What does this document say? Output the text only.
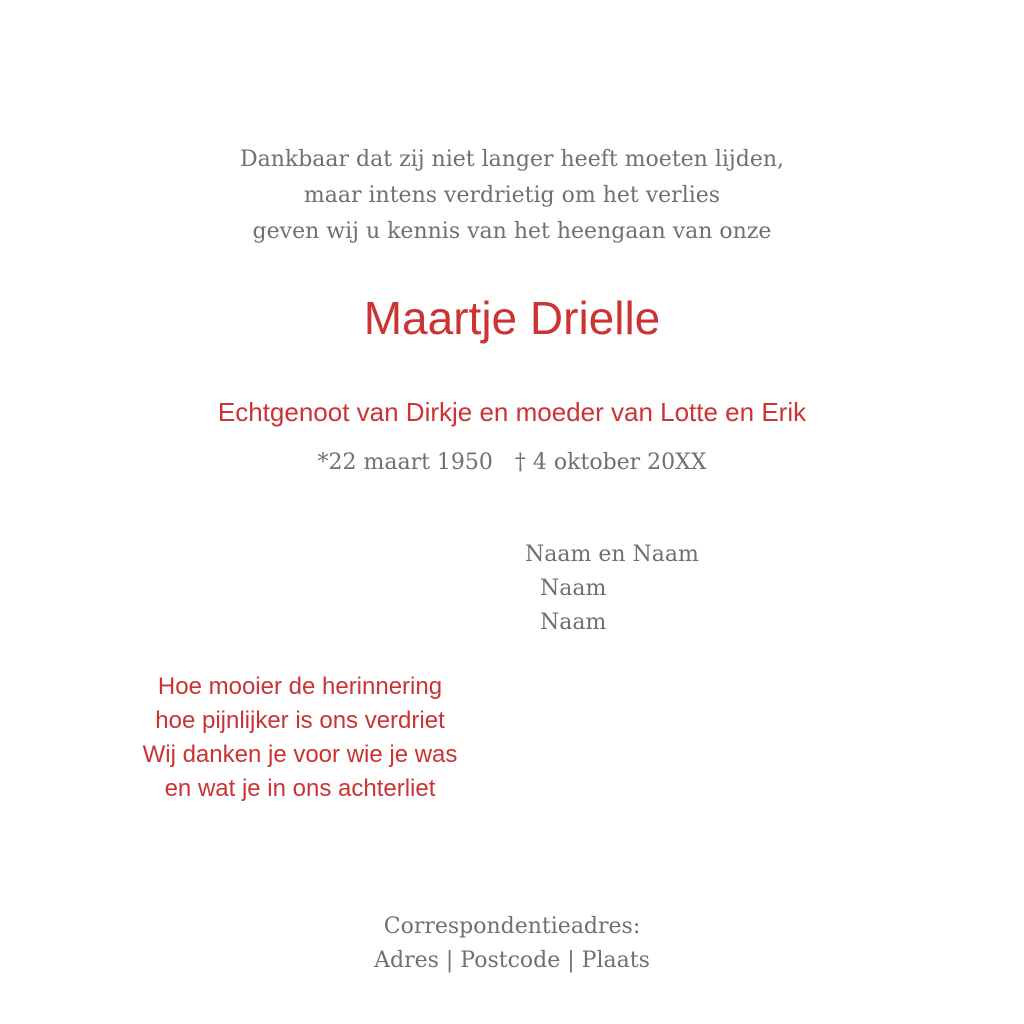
Dankbaar dat zij niet langer heeft moeten lijden,
maar intens verdrietig om het verlies
geven wij u kennis van het heengaan van onze
Maartje Drielle
Echtgenoot van Dirkje en moeder van Lotte en Erik
*22 maart 1950 † 4 oktober 20XX
Naam en Naam
Naam
Naam
Hoe mooier de herinnering
hoe pijnlijker is ons verdriet
Wij danken je voor wie je was
en wat je in ons achterliet
Correspondentieadres:
Adres | Postcode | Plaats
